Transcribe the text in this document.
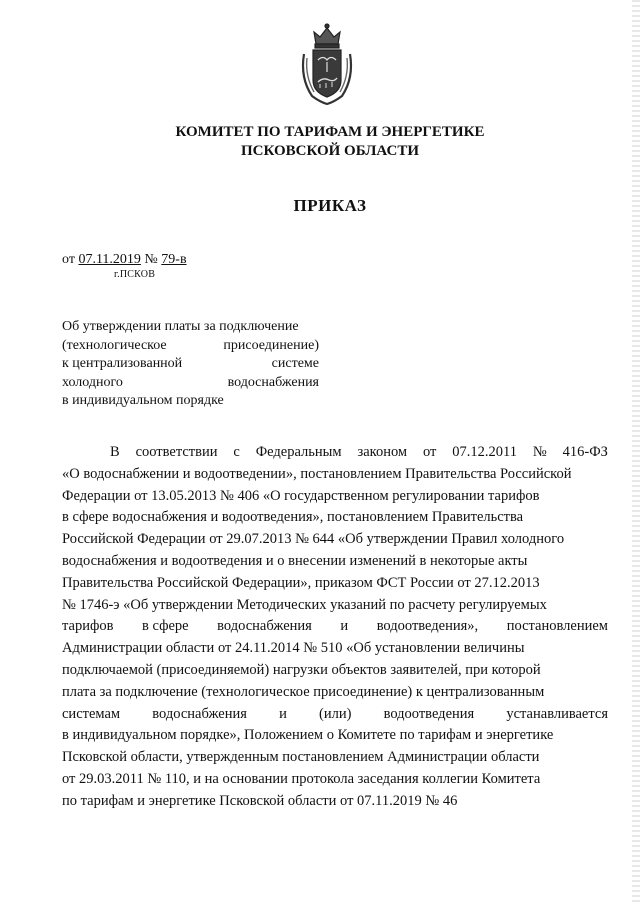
КОМИТЕТ ПО ТАРИФАМ И ЭНЕРГЕТИКЕ
ПСКОВСКОЙ ОБЛАСТИ
ПРИКАЗ
от 07.11.2019 № 79-в
г.ПСКОВ
Об утверждении платы за подключение
(технологическое	присоединение)
к централизованной	системе
холодного	водоснабжения
в индивидуальном порядке
В соответствии с Федеральным законом от 07.12.2011 № 416-ФЗ
«О водоснабжении и водоотведении», постановлением Правительства Российской
Федерации от 13.05.2013 № 406 «О государственном регулировании тарифов
в сфере водоснабжения и водоотведения», постановлением Правительства
Российской Федерации от 29.07.2013 № 644 «Об утверждении Правил холодного
водоснабжения и водоотведения и о внесении изменений в некоторые акты
Правительства Российской Федерации», приказом ФСТ России от 27.12.2013
№ 1746-э «Об утверждении Методических указаний по расчету регулируемых
тарифов в сфере водоснабжения и водоотведения», постановлением
Администрации области от 24.11.2014 № 510 «Об установлении величины
подключаемой (присоединяемой) нагрузки объектов заявителей, при которой
плата за подключение (технологическое присоединение) к централизованным
системам водоснабжения и (или) водоотведения устанавливается
в индивидуальном порядке», Положением о Комитете по тарифам и энергетике
Псковской области, утвержденным постановлением Администрации области
от 29.03.2011 № 110, и на основании протокола заседания коллегии Комитета
по тарифам и энергетике Псковской области от 07.11.2019 № 46
